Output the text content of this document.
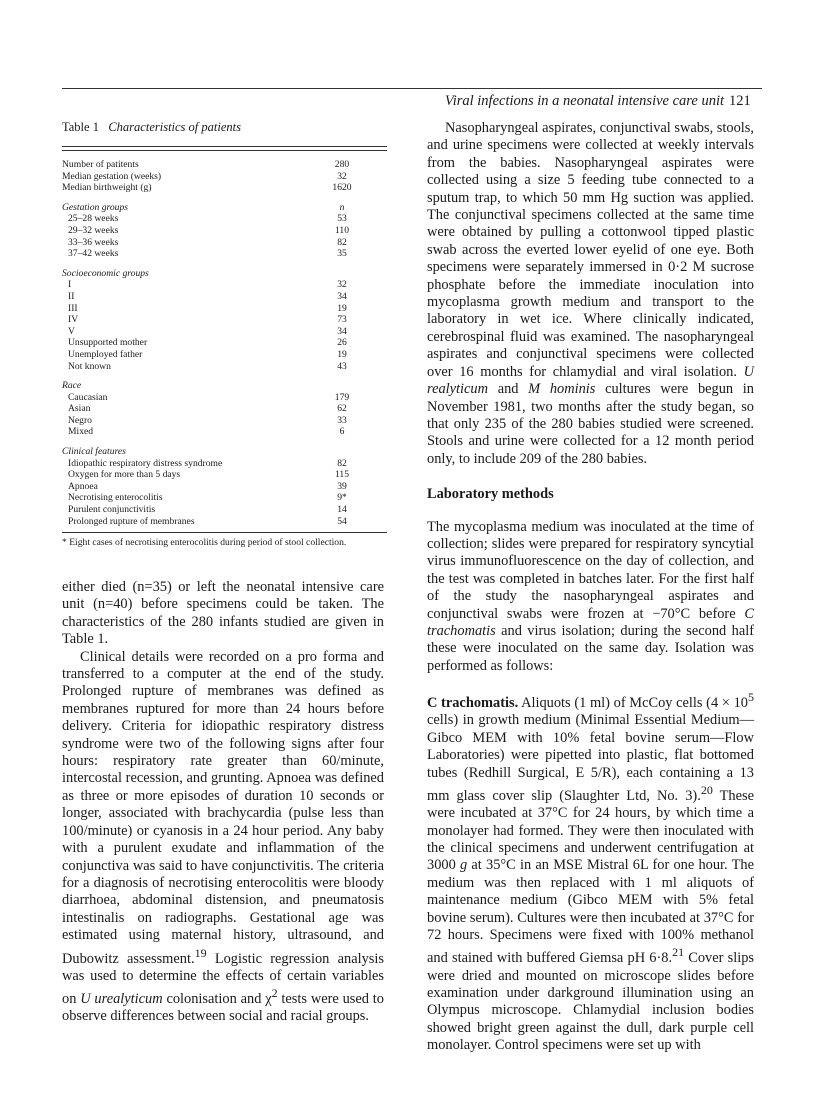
Viral infections in a neonatal intensive care unit 121
Table 1 Characteristics of patients
Number of patitents	280
Median gestation (weeks)	32
Median birthweight (g)	1620
Gestation groups	n
25–28 weeks	53
29–32 weeks	110
33–36 weeks	82
37–42 weeks	35
Socioeconomic groups	
I	32
II	34
III	19
IV	73
V	34
Unsupported mother	26
Unemployed father	19
Not known	43
Race	
Caucasian	179
Asian	62
Negro	33
Mixed	6
Clinical features	
Idiopathic respiratory distress syndrome	82
Oxygen for more than 5 days	115
Apnoea	39
Necrotising enterocolitis	9*
Purulent conjunctivitis	14
Prolonged rupture of membranes	54
* Eight cases of necrotising enterocolitis during period of stool collection.

either died (n=35) or left the neonatal intensive care unit (n=40) before specimens could be taken. The characteristics of the 280 infants studied are given in Table 1.

Clinical details were recorded on a pro forma and transferred to a computer at the end of the study. Prolonged rupture of membranes was defined as membranes ruptured for more than 24 hours before delivery. Criteria for idiopathic respiratory distress syndrome were two of the following signs after four hours: respiratory rate greater than 60/minute, intercostal recession, and grunting. Apnoea was defined as three or more episodes of duration 10 seconds or longer, associated with brachycardia (pulse less than 100/minute) or cyanosis in a 24 hour period. Any baby with a purulent exudate and inflammation of the conjunctiva was said to have conjunctivitis. The criteria for a diagnosis of necrotising enterocolitis were bloody diarrhoea, abdominal distension, and pneumatosis intestinalis on radiographs. Gestational age was estimated using maternal history, ultrasound, and Dubowitz assessment.$^{19}$ Logistic regression analysis was used to determine the effects of certain variables on U urealyticum colonisation and $\chi^2$ tests were used to observe differences between social and racial groups.

Nasopharyngeal aspirates, conjunctival swabs, stools, and urine specimens were collected at weekly intervals from the babies. Nasopharyngeal aspirates were collected using a size 5 feeding tube connected to a sputum trap, to which 50 mm Hg suction was applied. The conjunctival specimens collected at the same time were obtained by pulling a cottonwool tipped plastic swab across the everted lower eyelid of one eye. Both specimens were separately immersed in 0·2 M sucrose phosphate before the immediate inoculation into mycoplasma growth medium and transport to the laboratory in wet ice. Where clinically indicated, cerebrospinal fluid was examined. The nasopharyngeal aspirates and conjunctival specimens were collected over 16 months for chlamydial and viral isolation. U realyticum and M hominis cultures were begun in November 1981, two months after the study began, so that only 235 of the 280 babies studied were screened. Stools and urine were collected for a 12 month period only, to include 209 of the 280 babies.

Laboratory methods

The mycoplasma medium was inoculated at the time of collection; slides were prepared for respiratory syncytial virus immunofluorescence on the day of collection, and the test was completed in batches later. For the first half of the study the nasopharyngeal aspirates and conjunctival swabs were frozen at −70°C before C trachomatis and virus isolation; during the second half these were inoculated on the same day. Isolation was performed as follows:

C trachomatis. Aliquots (1 ml) of McCoy cells ($4 \times 10^5$ cells) in growth medium (Minimal Essential Medium—Gibco MEM with 10% fetal bovine serum—Flow Laboratories) were pipetted into plastic, flat bottomed tubes (Redhill Surgical, E 5/R), each containing a 13 mm glass cover slip (Slaughter Ltd, No. 3).$^{20}$ These were incubated at 37°C for 24 hours, by which time a monolayer had formed. They were then inoculated with the clinical specimens and underwent centrifugation at 3000 g at 35°C in an MSE Mistral 6L for one hour. The medium was then replaced with 1 ml aliquots of maintenance medium (Gibco MEM with 5% fetal bovine serum). Cultures were then incubated at 37°C for 72 hours. Specimens were fixed with 100% methanol and stained with buffered Giemsa pH 6·8.21 Cover slips were dried and mounted on microscope slides before examination under darkground illumination using an Olympus microscope. Chlamydial inclusion bodies showed bright green against the dull, dark purple cell monolayer. Control specimens were set up with
